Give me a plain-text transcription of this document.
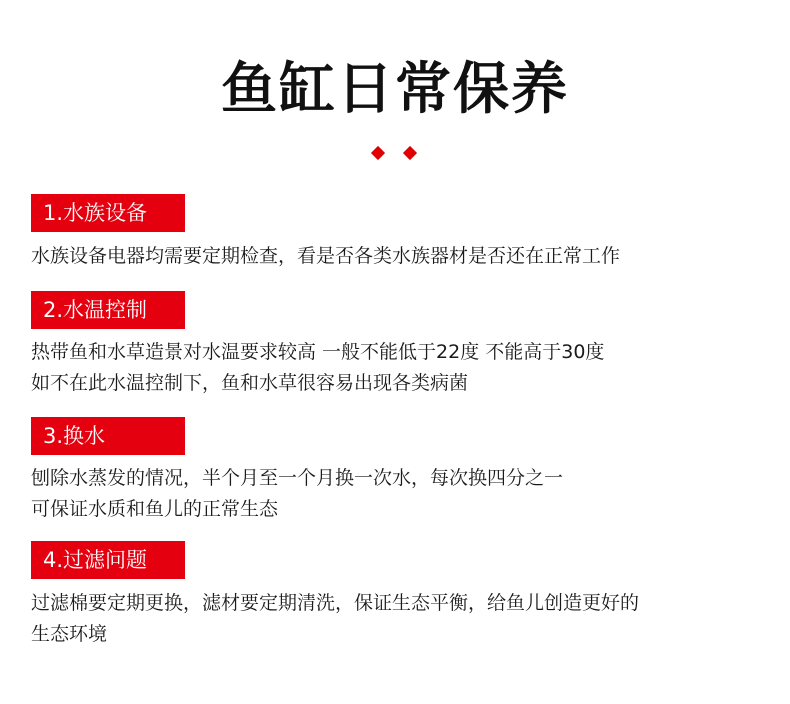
鱼缸日常保养
1.水族设备
水族设备电器均需要定期检查，看是否各类水族器材是否还在正常工作
2.水温控制
热带鱼和水草造景对水温要求较高 一般不能低于22度 不能高于30度
如不在此水温控制下，鱼和水草很容易出现各类病菌
3.换水
刨除水蒸发的情况，半个月至一个月换一次水，每次换四分之一
可保证水质和鱼儿的正常生态
4.过滤问题
过滤棉要定期更换，滤材要定期清洗，保证生态平衡，给鱼儿创造更好的
生态环境
